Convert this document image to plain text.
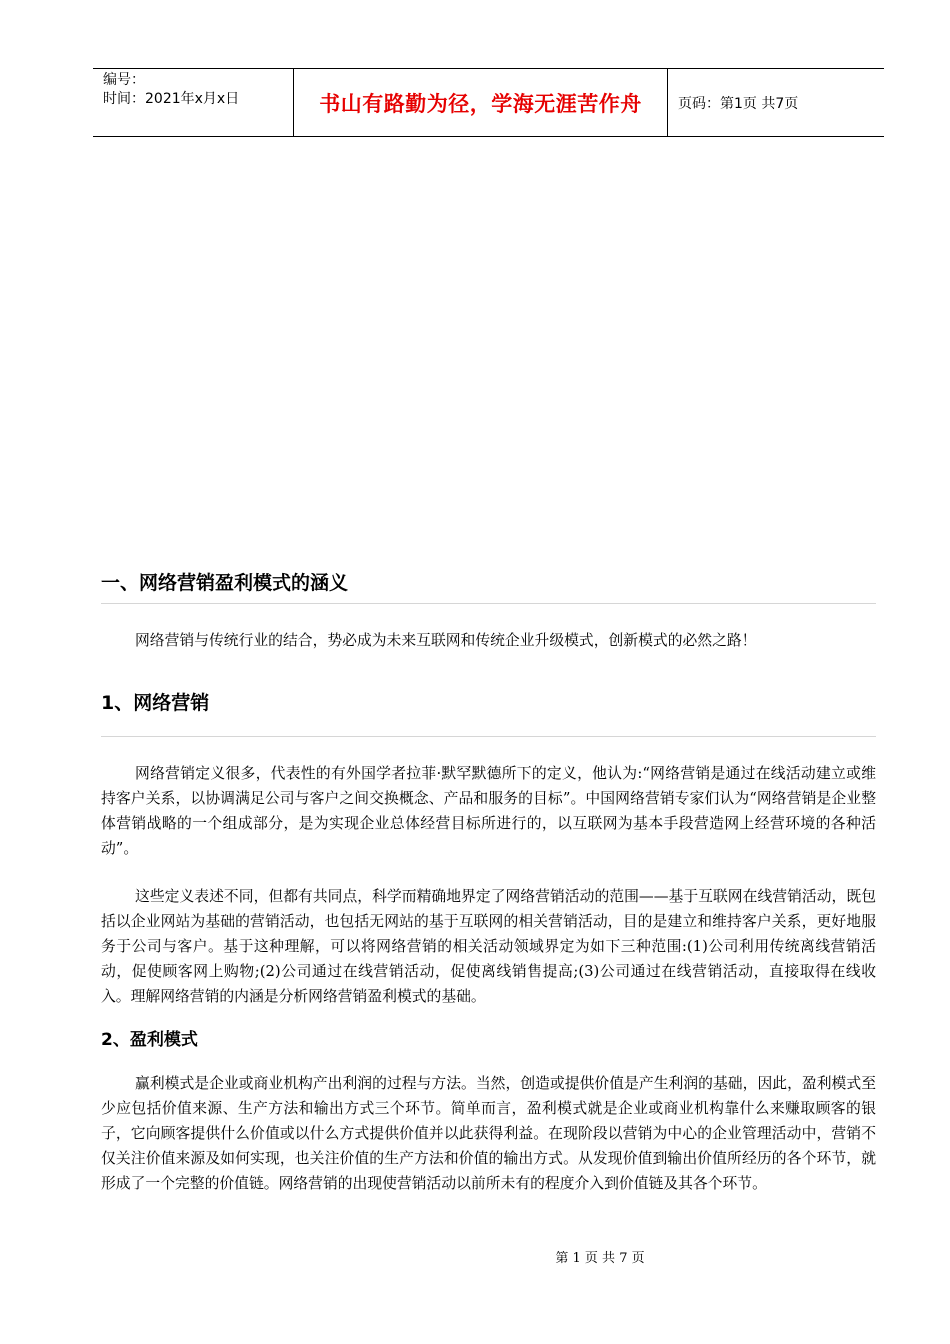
编号：
时间：2021年x月x日	书山有路勤为径，学海无涯苦作舟	页码：第1页 共7页
一、网络营销盈利模式的涵义

网络营销与传统行业的结合，势必成为未来互联网和传统企业升级模式，创新模式的必然之路！

1、网络营销

网络营销定义很多，代表性的有外国学者拉菲·默罕默德所下的定义，他认为:“网络营销是通过在线活动建立或维持客户关系，以协调满足公司与客户之间交换概念、产品和服务的目标”。中国网络营销专家们认为“网络营销是企业整体营销战略的一个组成部分，是为实现企业总体经营目标所进行的，以互联网为基本手段营造网上经营环境的各种活动”。

这些定义表述不同，但都有共同点，科学而精确地界定了网络营销活动的范围——基于互联网在线营销活动，既包括以企业网站为基础的营销活动，也包括无网站的基于互联网的相关营销活动，目的是建立和维持客户关系，更好地服务于公司与客户。基于这种理解，可以将网络营销的相关活动领域界定为如下三种范围:(1)公司利用传统离线营销活动，促使顾客网上购物;(2)公司通过在线营销活动，促使离线销售提高;(3)公司通过在线营销活动，直接取得在线收入。理解网络营销的内涵是分析网络营销盈利模式的基础。

2、盈利模式

赢利模式是企业或商业机构产出利润的过程与方法。当然，创造或提供价值是产生利润的基础，因此，盈利模式至少应包括价值来源、生产方法和输出方式三个环节。简单而言，盈利模式就是企业或商业机构靠什么来赚取顾客的银子，它向顾客提供什么价值或以什么方式提供价值并以此获得利益。在现阶段以营销为中心的企业管理活动中，营销不仅关注价值来源及如何实现，也关注价值的生产方法和价值的输出方式。从发现价值到输出价值所经历的各个环节，就形成了一个完整的价值链。网络营销的出现使营销活动以前所未有的程度介入到价值链及其各个环节。

第 1 页 共 7 页
